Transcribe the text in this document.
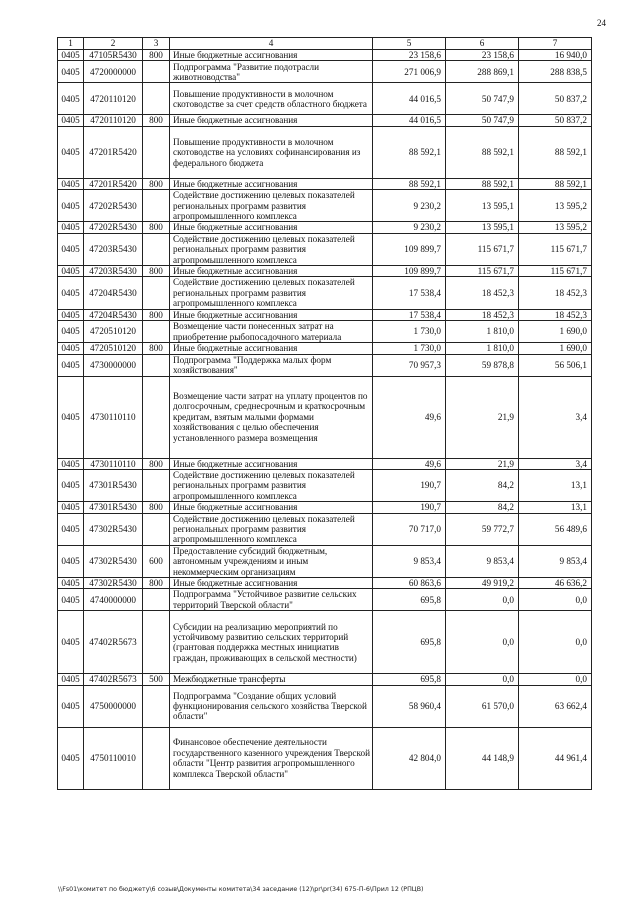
24
1	2	3	4	5	6	7
0405	47105R5430	800	Иные бюджетные ассигнования	23 158,6	23 158,6	16 940,0
0405	4720000000		Подпрограмма "Развитие подотрасли животноводства"	271 006,9	288 869,1	288 838,5
0405	4720110120		Повышение продуктивности в молочном скотоводстве за счет средств областного бюджета	44 016,5	50 747,9	50 837,2
0405	4720110120	800	Иные бюджетные ассигнования	44 016,5	50 747,9	50 837,2
0405	47201R5420		Повышение продуктивности в молочном скотоводстве на условиях софинансирования из федерального бюджета	88 592,1	88 592,1	88 592,1
0405	47201R5420	800	Иные бюджетные ассигнования	88 592,1	88 592,1	88 592,1
0405	47202R5430		Содействие достижению целевых показателей региональных программ развития агропромышленного комплекса	9 230,2	13 595,1	13 595,2
0405	47202R5430	800	Иные бюджетные ассигнования	9 230,2	13 595,1	13 595,2
0405	47203R5430		Содействие достижению целевых показателей региональных программ развития агропромышленного комплекса	109 899,7	115 671,7	115 671,7
0405	47203R5430	800	Иные бюджетные ассигнования	109 899,7	115 671,7	115 671,7
0405	47204R5430		Содействие достижению целевых показателей региональных программ развития агропромышленного комплекса	17 538,4	18 452,3	18 452,3
0405	47204R5430	800	Иные бюджетные ассигнования	17 538,4	18 452,3	18 452,3
0405	4720510120		Возмещение части понесенных затрат на приобретение рыбопосадочного материала	1 730,0	1 810,0	1 690,0
0405	4720510120	800	Иные бюджетные ассигнования	1 730,0	1 810,0	1 690,0
0405	4730000000		Подпрограмма "Поддержка малых форм хозяйствования"	70 957,3	59 878,8	56 506,1
0405	4730110110		Возмещение части затрат на уплату процентов по долгосрочным, среднесрочным и краткосрочным кредитам, взятым малыми формами хозяйствования с целью обеспечения установленного размера возмещения	49,6	21,9	3,4
0405	4730110110	800	Иные бюджетные ассигнования	49,6	21,9	3,4
0405	47301R5430		Содействие достижению целевых показателей региональных программ развития агропромышленного комплекса	190,7	84,2	13,1
0405	47301R5430	800	Иные бюджетные ассигнования	190,7	84,2	13,1
0405	47302R5430		Содействие достижению целевых показателей региональных программ развития агропромышленного комплекса	70 717,0	59 772,7	56 489,6
0405	47302R5430	600	Предоставление субсидий бюджетным, автономным учреждениям и иным некоммерческим организациям	9 853,4	9 853,4	9 853,4
0405	47302R5430	800	Иные бюджетные ассигнования	60 863,6	49 919,2	46 636,2
0405	4740000000		Подпрограмма "Устойчивое развитие сельских территорий Тверской области"	695,8	0,0	0,0
0405	47402R5673		Субсидии на реализацию мероприятий по устойчивому развитию сельских территорий (грантовая поддержка местных инициатив граждан, проживающих в сельской местности)	695,8	0,0	0,0
0405	47402R5673	500	Межбюджетные трансферты	695,8	0,0	0,0
0405	4750000000		Подпрограмма "Создание общих условий функционирования сельского хозяйства Тверской области"	58 960,4	61 570,0	63 662,4
0405	4750110010		Финансовое обеспечение деятельности государственного казенного учреждения Тверской области "Центр развития агропромышленного комплекса Тверской области"	42 804,0	44 148,9	44 961,4
\\Fs01\комитет по бюджету\6 созыв\Документы комитета\34 заседание (12)\pr\pr(34) 675-П-6\Прил 12 (РПЦВ)
